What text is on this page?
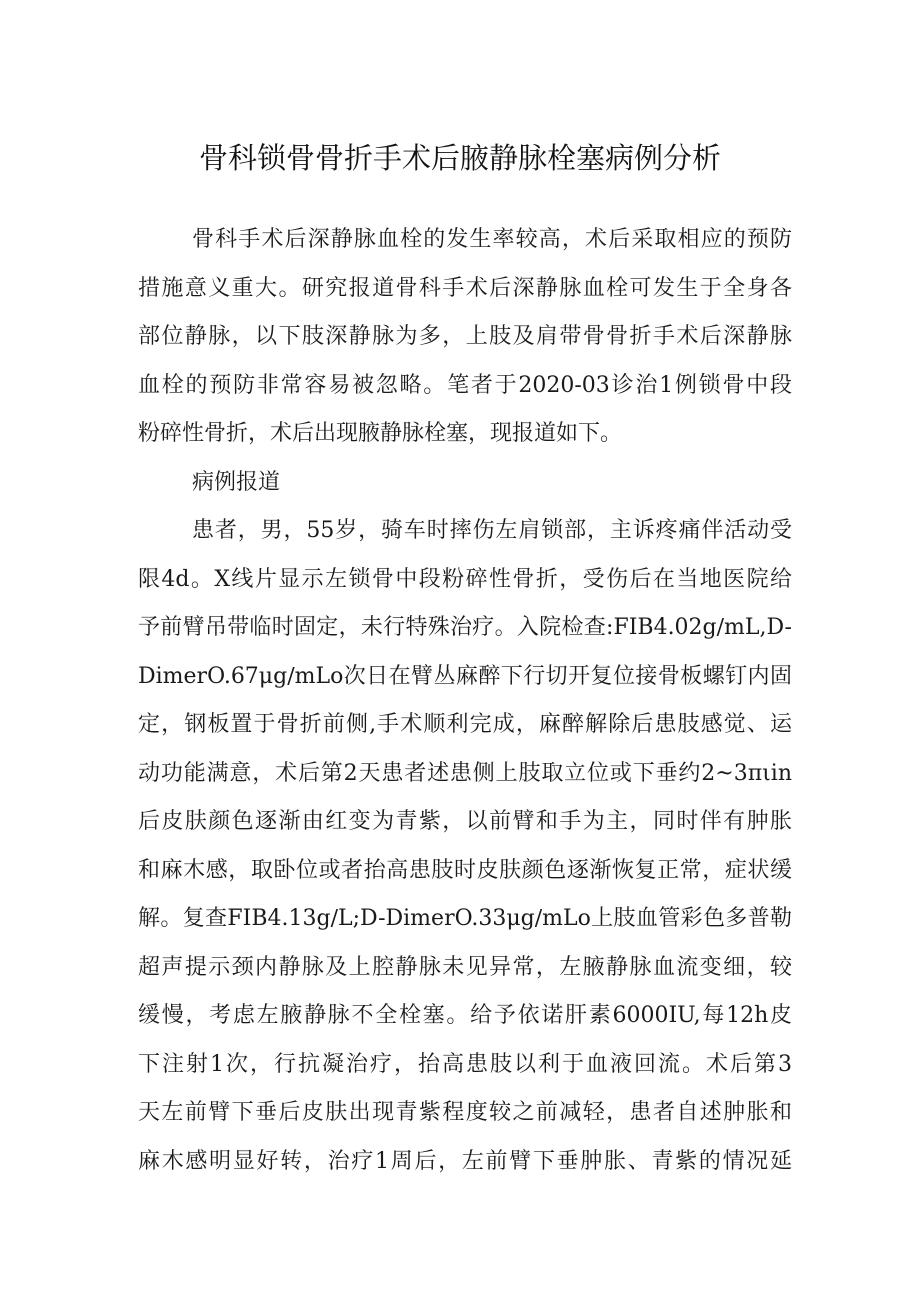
骨科锁骨骨折手术后腋静脉栓塞病例分析
骨科手术后深静脉血栓的发生率较高，术后采取相应的预防
措施意义重大。研究报道骨科手术后深静脉血栓可发生于全身各
部位静脉，以下肢深静脉为多，上肢及肩带骨骨折手术后深静脉
血栓的预防非常容易被忽略。笔者于2020-03诊治1例锁骨中段
粉碎性骨折，术后出现腋静脉栓塞，现报道如下。
病例报道
患者，男，55岁，骑车时摔伤左肩锁部，主诉疼痛伴活动受
限4d。X线片显示左锁骨中段粉碎性骨折，受伤后在当地医院给
予前臂吊带临时固定，未行特殊治疗。入院检查:FIB4.02g∕mL,D-
DimerO.67μg∕mLo次日在臂丛麻醉下行切开复位接骨板螺钉内固
定，钢板置于骨折前侧,手术顺利完成，麻醉解除后患肢感觉、运
动功能满意，术后第2天患者述患侧上肢取立位或下垂约2~3πιin
后皮肤颜色逐渐由红变为青紫，以前臂和手为主，同时伴有肿胀
和麻木感，取卧位或者抬高患肢时皮肤颜色逐渐恢复正常，症状缓
解。复查FIB4.13g∕L;D-DimerO.33μg∕mLo上肢血管彩色多普勒
超声提示颈内静脉及上腔静脉未见异常，左腋静脉血流变细，较
缓慢，考虑左腋静脉不全栓塞。给予依诺肝素6000IU,每12h皮
下注射1次，行抗凝治疗，抬高患肢以利于血液回流。术后第3
天左前臂下垂后皮肤出现青紫程度较之前减轻，患者自述肿胀和
麻木感明显好转，治疗1周后，左前臂下垂肿胀、青紫的情况延
